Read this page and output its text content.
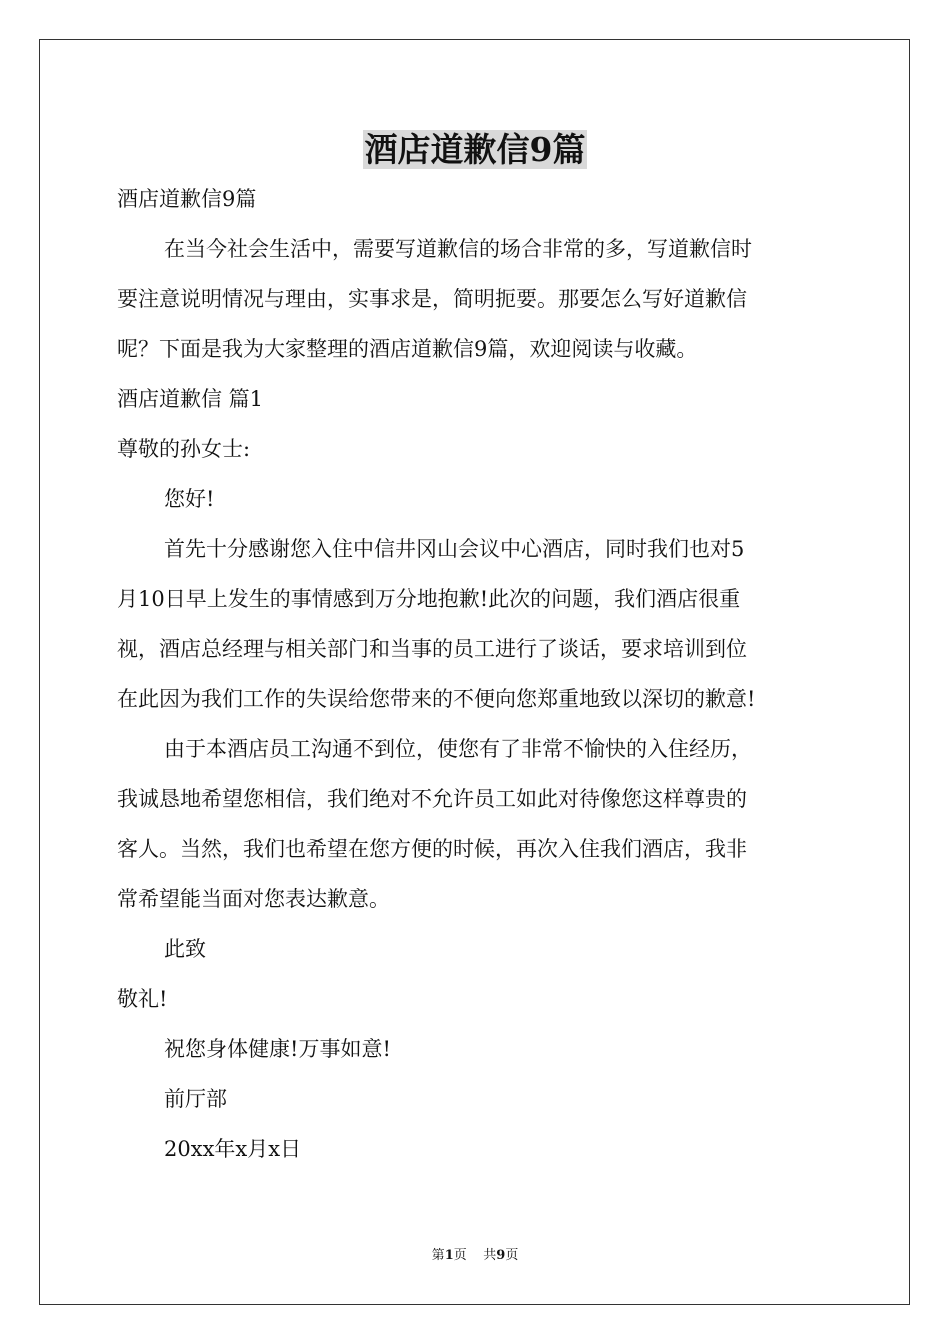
酒店道歉信9篇

酒店道歉信9篇

在当今社会生活中，需要写道歉信的场合非常的多，写道歉信时

要注意说明情况与理由，实事求是，简明扼要。那要怎么写好道歉信

呢？下面是我为大家整理的酒店道歉信9篇，欢迎阅读与收藏。

酒店道歉信 篇1

尊敬的孙女士:

您好!

首先十分感谢您入住中信井冈山会议中心酒店，同时我们也对5

月10日早上发生的事情感到万分地抱歉!此次的问题，我们酒店很重

视，酒店总经理与相关部门和当事的员工进行了谈话，要求培训到位

在此因为我们工作的失误给您带来的不便向您郑重地致以深切的歉意!

由于本酒店员工沟通不到位，使您有了非常不愉快的入住经历，

我诚恳地希望您相信，我们绝对不允许员工如此对待像您这样尊贵的

客人。当然，我们也希望在您方便的时候，再次入住我们酒店，我非

常希望能当面对您表达歉意。

此致

敬礼!

祝您身体健康!万事如意!

前厅部

20xx年x月x日

第1页    共9页
